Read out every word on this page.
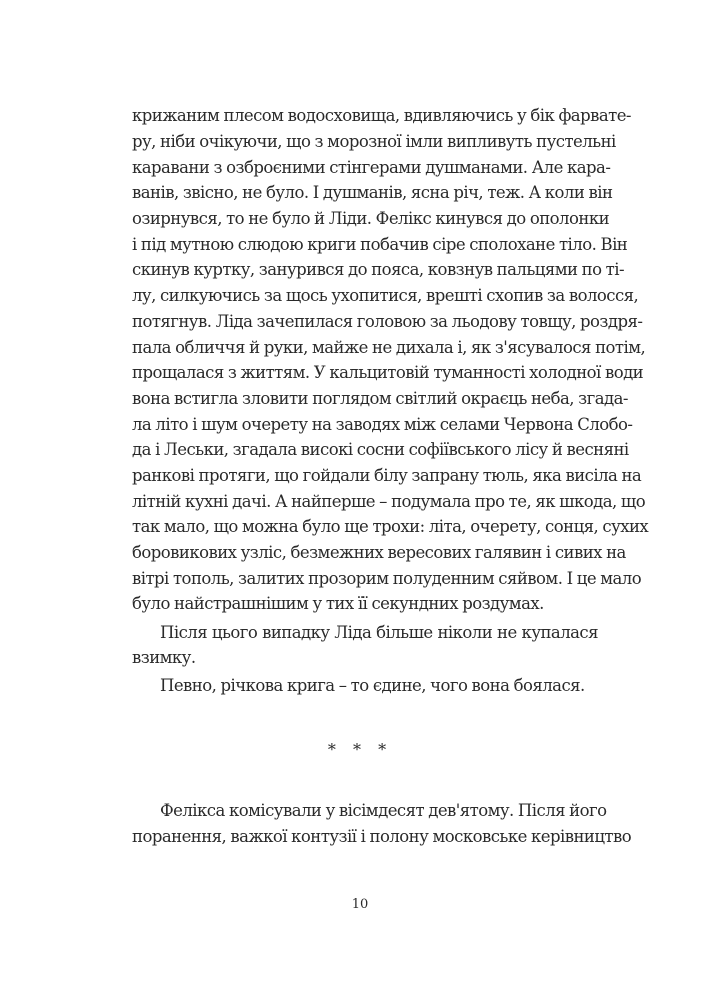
крижаним плесом водосховища, вдивляючись у бік фарвате-
ру, ніби очікуючи, що з морозної імли випливуть пустельні
каравани з озброєними стінгерами душманами. Але кара-
ванів, звісно, не було. І душманів, ясна річ, теж. А коли він
озирнувся, то не було й Ліди. Фелікс кинувся до ополонки
і під мутною слюдою криги побачив сіре сполохане тіло. Він
скинув куртку, занурився до пояса, ковзнув пальцями по ті-
лу, силкуючись за щось ухопитися, врешті схопив за волосся,
потягнув. Ліда зачепилася головою за льодову товщу, роздря-
пала обличчя й руки, майже не дихала і, як з'ясувалося потім,
прощалася з життям. У кальцитовій туманності холодної води
вона встигла зловити поглядом світлий окраєць неба, згада-
ла літо і шум очерету на заводях між селами Червона Слобо-
да і Леськи, згадала високі сосни софіївського лісу й весняні
ранкові протяги, що гойдали білу запрану тюль, яка висіла на
літній кухні дачі. А найперше – подумала про те, як шкода, що
так мало, що можна було ще трохи: літа, очерету, сонця, сухих
боровикових узліс, безмежних вересових галявин і сивих на
вітрі тополь, залитих прозорим полуденним сяйвом. І це мало
було найстрашнішим у тих її секундних роздумах.
Після цього випадку Ліда більше ніколи не купалася
взимку.
Певно, річкова крига – то єдине, чого вона боялася.
* * *
Фелікса комісували у вісімдесят дев'ятому. Після його
поранення, важкої контузії і полону московське керівництво
10
